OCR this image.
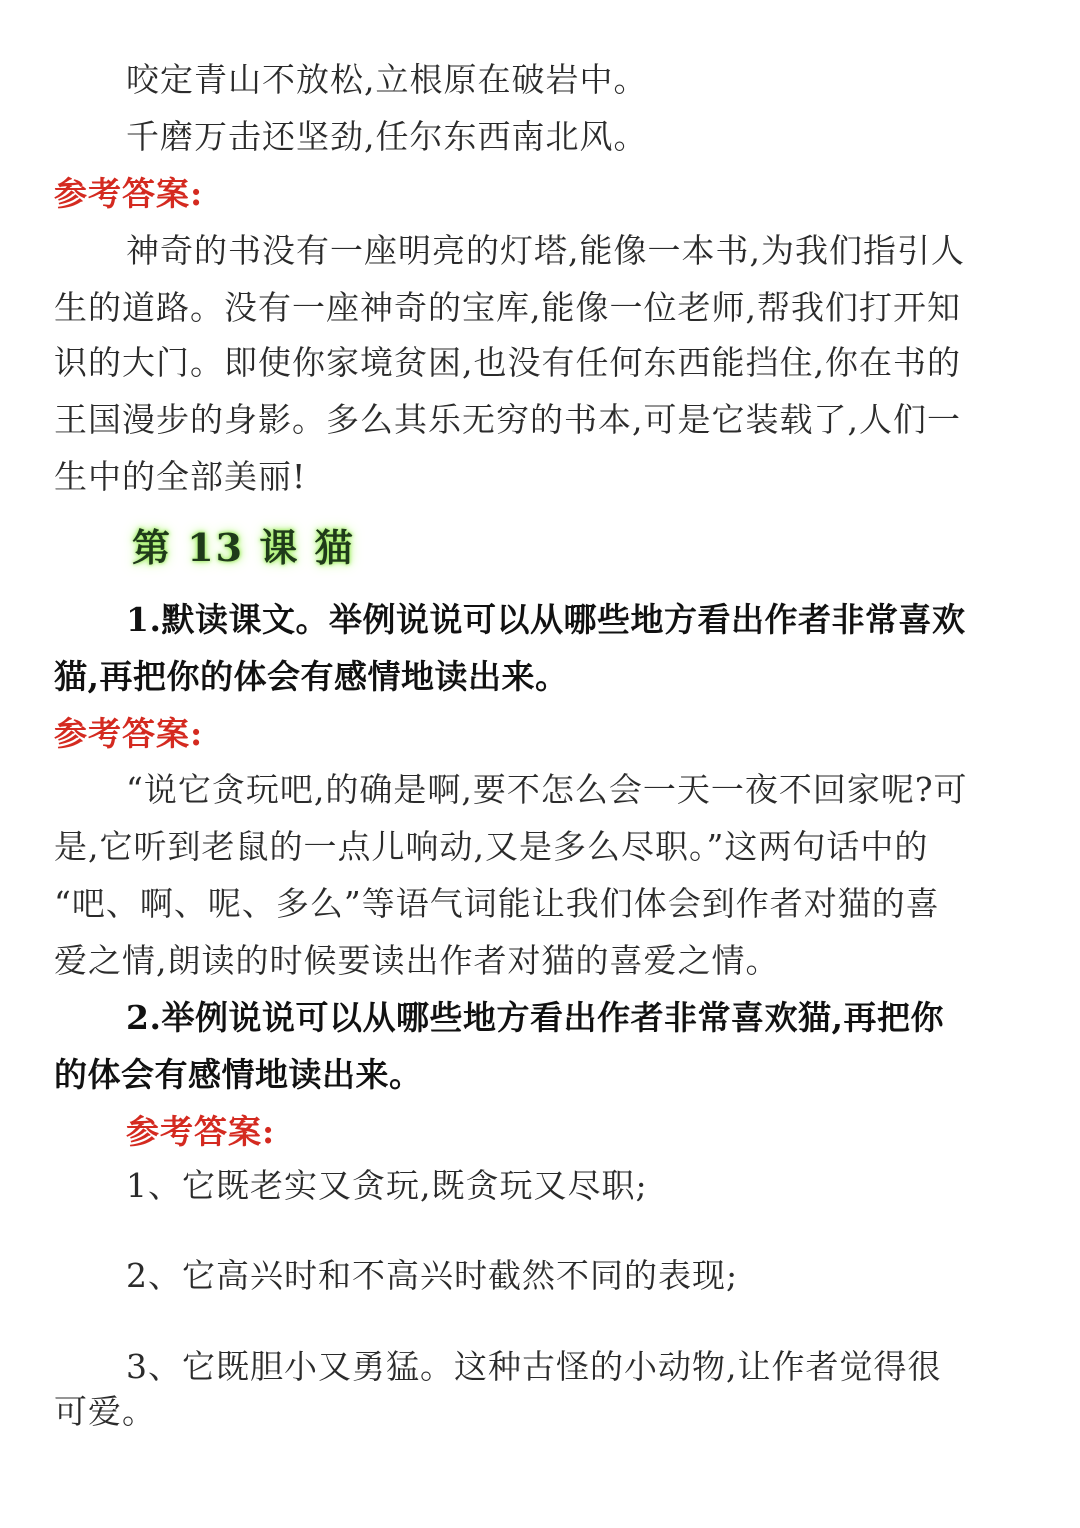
咬定青山不放松,立根原在破岩中。
千磨万击还坚劲,任尔东西南北风。
参考答案:
神奇的书没有一座明亮的灯塔,能像一本书,为我们指引人
生的道路。没有一座神奇的宝库,能像一位老师,帮我们打开知
识的大门。即使你家境贫困,也没有任何东西能挡住,你在书的
王国漫步的身影。多么其乐无穷的书本,可是它装载了,人们一
生中的全部美丽!
第 13 课 猫
1.默读课文。举例说说可以从哪些地方看出作者非常喜欢
猫,再把你的体会有感情地读出来。
参考答案:
“说它贪玩吧,的确是啊,要不怎么会一天一夜不回家呢?可
是,它听到老鼠的一点儿响动,又是多么尽职。”这两句话中的
“吧、啊、呢、多么”等语气词能让我们体会到作者对猫的喜
爱之情,朗读的时候要读出作者对猫的喜爱之情。
2.举例说说可以从哪些地方看出作者非常喜欢猫,再把你
的体会有感情地读出来。
参考答案:
1、它既老实又贪玩,既贪玩又尽职;
2、它高兴时和不高兴时截然不同的表现;
3、它既胆小又勇猛。这种古怪的小动物,让作者觉得很
可爱。
